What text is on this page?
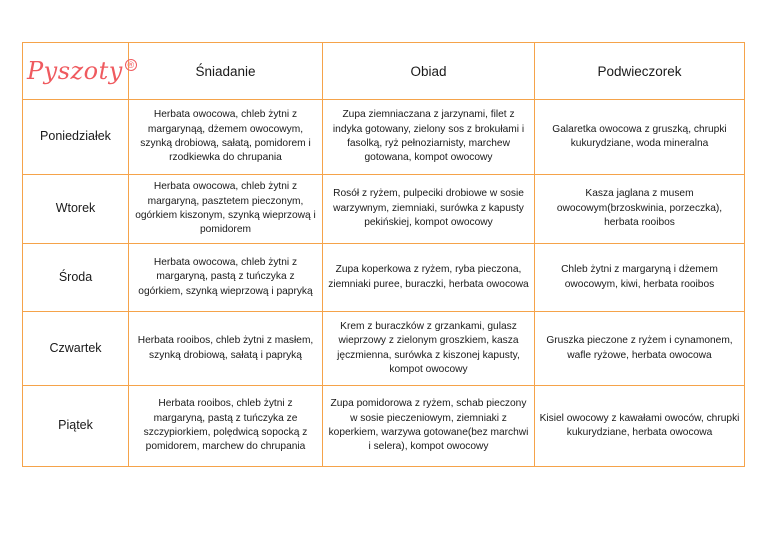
Pyszoty ®	Śniadanie	Obiad	Podwieczorek
Poniedziałek	Herbata owocowa, chleb żytni z margarynąą, dżemem owocowym, szynką drobiową, sałatą, pomidorem i rzodkiewka do chrupania	Zupa ziemniaczana z jarzynami, filet z indyka gotowany, zielony sos z brokułami i fasolką, ryż pełnoziarnisty, marchew gotowana, kompot owocowy	Galaretka owocowa z gruszką, chrupki kukurydziane, woda mineralna
Wtorek	Herbata owocowa, chleb żytni z margaryną, pasztetem pieczonym, ogórkiem kiszonym, szynką wieprzową i pomidorem	Rosół z ryżem, pulpeciki drobiowe w sosie warzywnym, ziemniaki, surówka z kapusty pekińskiej, kompot owocowy	Kasza jaglana z musem owocowym(brzoskwinia, porzeczka), herbata rooibos
Środa	Herbata owocowa, chleb żytni z margaryną, pastą z tuńczyka z ogórkiem, szynką wieprzową i papryką	Zupa koperkowa z ryżem, ryba pieczona, ziemniaki puree, buraczki, herbata owocowa	Chleb żytni z margaryną i dżemem owocowym, kiwi, herbata rooibos
Czwartek	Herbata rooibos, chleb żytni z masłem, szynką drobiową, sałatą i papryką	Krem z buraczków z grzankami, gulasz wieprzowy z zielonym groszkiem, kasza jęczmienna, surówka z kiszonej kapusty, kompot owocowy	Gruszka pieczone z ryżem i cynamonem, wafle ryżowe, herbata owocowa
Piątek	Herbata rooibos, chleb żytni z margaryną, pastą z tuńczyka ze szczypiorkiem, polędwicą sopocką z pomidorem, marchew do chrupania	Zupa pomidorowa z ryżem, schab pieczony w sosie pieczeniowym, ziemniaki z koperkiem, warzywa gotowane(bez marchwi i selera), kompot owocowy	Kisiel owocowy z kawałami owoców, chrupki kukurydziane, herbata owocowa
